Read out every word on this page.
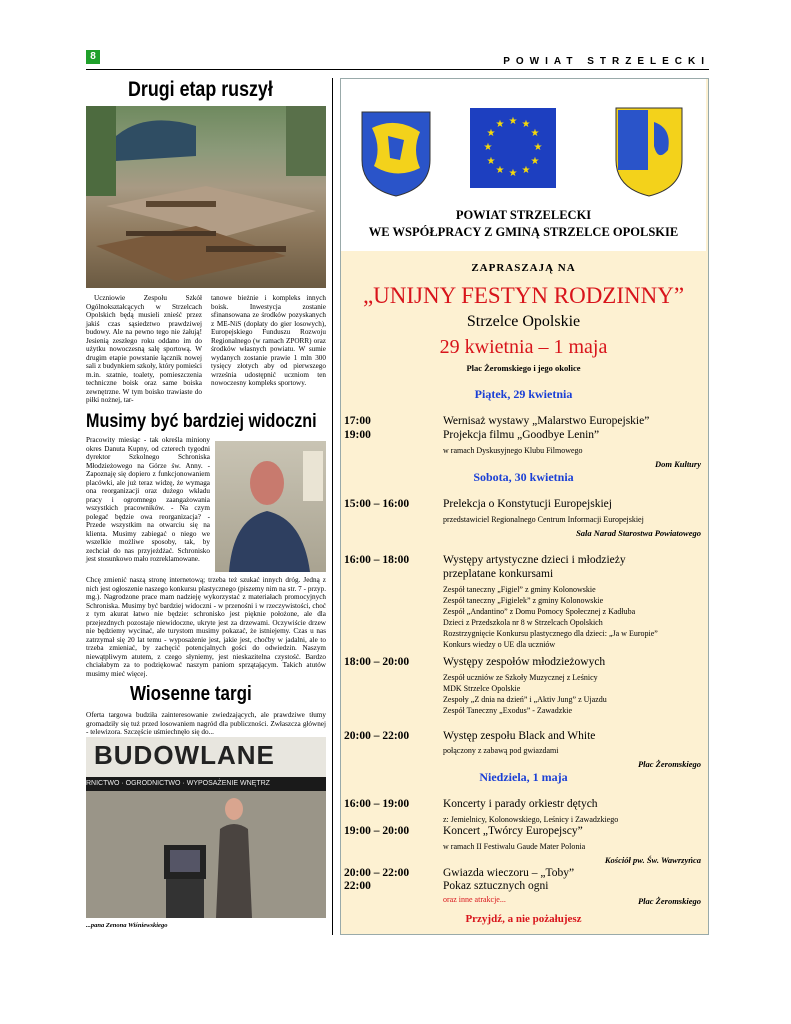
8	POWIAT STRZELECKI
Drugi etap ruszył
Uczniowie Zespołu Szkół Ogólnokształcących w Strzelcach Opolskich będą musieli znieść przez jakiś czas sąsiedztwo prawdziwej budowy. Ale na pewno tego nie żałują! Jesienią zeszłego roku oddano im do użytku nowoczesną salę sportową. W drugim etapie powstanie łącznik nowej sali z budynkiem szkoły, który pomieści m.in. szatnie, toalety, pomieszczenia techniczne boisk oraz same boiska zewnętrzne. W tym boisko trawiaste do piłki nożnej, tar-
tanowe bieżnie i kompleks innych boisk. Inwestycja zostanie sfinansowana ze środków pozyskanych z ME-NiS (dopłaty do gier losowych), Europejskiego Funduszu Rozwoju Regionalnego (w ramach ZPORR) oraz środków własnych powiatu. W sumie wydanych zostanie prawie 1 mln 300 tysięcy złotych aby od pierwszego września udostępnić uczniom ten nowoczesny kompleks sportowy.
Musimy być bardziej widoczni
Pracowity miesiąc - tak określa miniony okres Danuta Kupny, od czterech tygodni dyrektor Szkolnego Schroniska Młodzieżowego na Górze św. Anny. - Zapoznaję się dopiero z funkcjonowaniem placówki, ale już teraz widzę, że wymaga ona reorganizacji oraz dużego wkładu pracy i ogromnego zaangażowania wszystkich pracowników. - Na czym polegać będzie owa reorganizacja? - Przede wszystkim na otwarciu się na klienta. Musimy zabiegać o niego we wszelkie możliwe sposoby, tak, by zechciał do nas przyjeżdżać. Schronisko jest stosunkowo mało rozreklamowane.
Chcę zmienić naszą stronę internetową; trzeba też szukać innych dróg. Jedną z nich jest ogłoszenie naszego konkursu plastycznego (piszemy nim na str. 7 - przyp. mg.). Nagrodzone prace mam nadzieję wykorzystać z materiałach promocyjnych Schroniska. Musimy być bardziej widoczni - w przenośni i w rzeczywistości, choć z tym akurat łatwo nie będzie: schronisko jest pięknie położone, ale dla przejezdnych pozostaje niewidoczne, ukryte jest za drzewami. Oczywiście drzew nie będziemy wycinać, ale turystom musimy pokazać, że istniejemy. Czas u nas zatrzymał się 20 lat temu - wyposażenie jest, jakie jest, choćby w jadalni, ale to trzeba zmieniać, by zachęcić potencjalnych gości do odwiedzin. Naszym niewątpliwym atutem, z czego słyniemy, jest nieskazitelna czystość. Bardzo chciałabym za to podziękować naszym paniom sprzątającym. Takich atutów musimy mieć więcej.
Wiosenne targi
Oferta targowa budziła zainteresowanie zwiedzających, ale prawdziwe tłumy gromadziły się tuż przed losowaniem nagród dla publiczności. Zwłaszcza głównej - telewizora. Szczęście uśmiechnęło się do...
BUDOWLANE
RNICTWO · OGRODNICTWO · WYPOSAŻENIE WNĘTRZ
...pana Zenona Wiśniewskiego
★ ★
★
★
★
★
★
★
★
★
★
★
POWIAT STRZELECKI
WE WSPÓŁPRACY Z GMINĄ STRZELCE OPOLSKIE
ZAPRASZAJĄ NA
„UNIJNY FESTYN RODZINNY”
Strzelce Opolskie
29 kwietnia – 1 maja
Plac Żeromskiego i jego okolice
Piątek, 29 kwietnia
17:00	Wernisaż wystawy „Malarstwo Europejskie”
19:00	Projekcja filmu „Goodbye Lenin”
w ramach Dyskusyjnego Klubu Filmowego
Dom Kultury
Sobota, 30 kwietnia
15:00 – 16:00	Prelekcja o Konstytucji Europejskiej
przedstawiciel Regionalnego Centrum Informacji Europejskiej
Sala Narad Starostwa Powiatowego
16:00 – 18:00	Występy artystyczne dzieci i młodzieży
przeplatane konkursami
Zespół taneczny „Figiel” z gminy Kolonowskie
Zespół taneczny „Figielek” z gminy Kolonowskie
Zespół „Andantino” z Domu Pomocy Społecznej z Kadłuba
Dzieci z Przedszkola nr 8 w Strzelcach Opolskich
Rozstrzygnięcie Konkursu plastycznego dla dzieci: „Ja w Europie”
Konkurs wiedzy o UE dla uczniów
18:00 – 20:00	Występy zespołów młodzieżowych
Zespół uczniów ze Szkoły Muzycznej z Leśnicy
MDK Strzelce Opolskie
Zespoły „Z dnia na dzień” i „Aktiv Jung” z Ujazdu
Zespół Taneczny „Exodus” - Zawadzkie
20:00 – 22:00	Występ zespołu Black and White
połączony z zabawą pod gwiazdami
Plac Żeromskiego
Niedziela, 1 maja
16:00 – 19:00	Koncerty i parady orkiestr dętych
z: Jemielnicy, Kolonowskiego, Leśnicy i Zawadzkiego
19:00 – 20:00	Koncert „Twórcy Europejscy”
w ramach II Festiwalu Gaude Mater Polonia
Kościół pw. Św. Wawrzyńca
20:00 – 22:00	Gwiazda wieczoru – „Toby”
22:00	Pokaz sztucznych ogni
oraz inne atrakcje...	Plac Żeromskiego
Przyjdź, a nie pożałujesz
